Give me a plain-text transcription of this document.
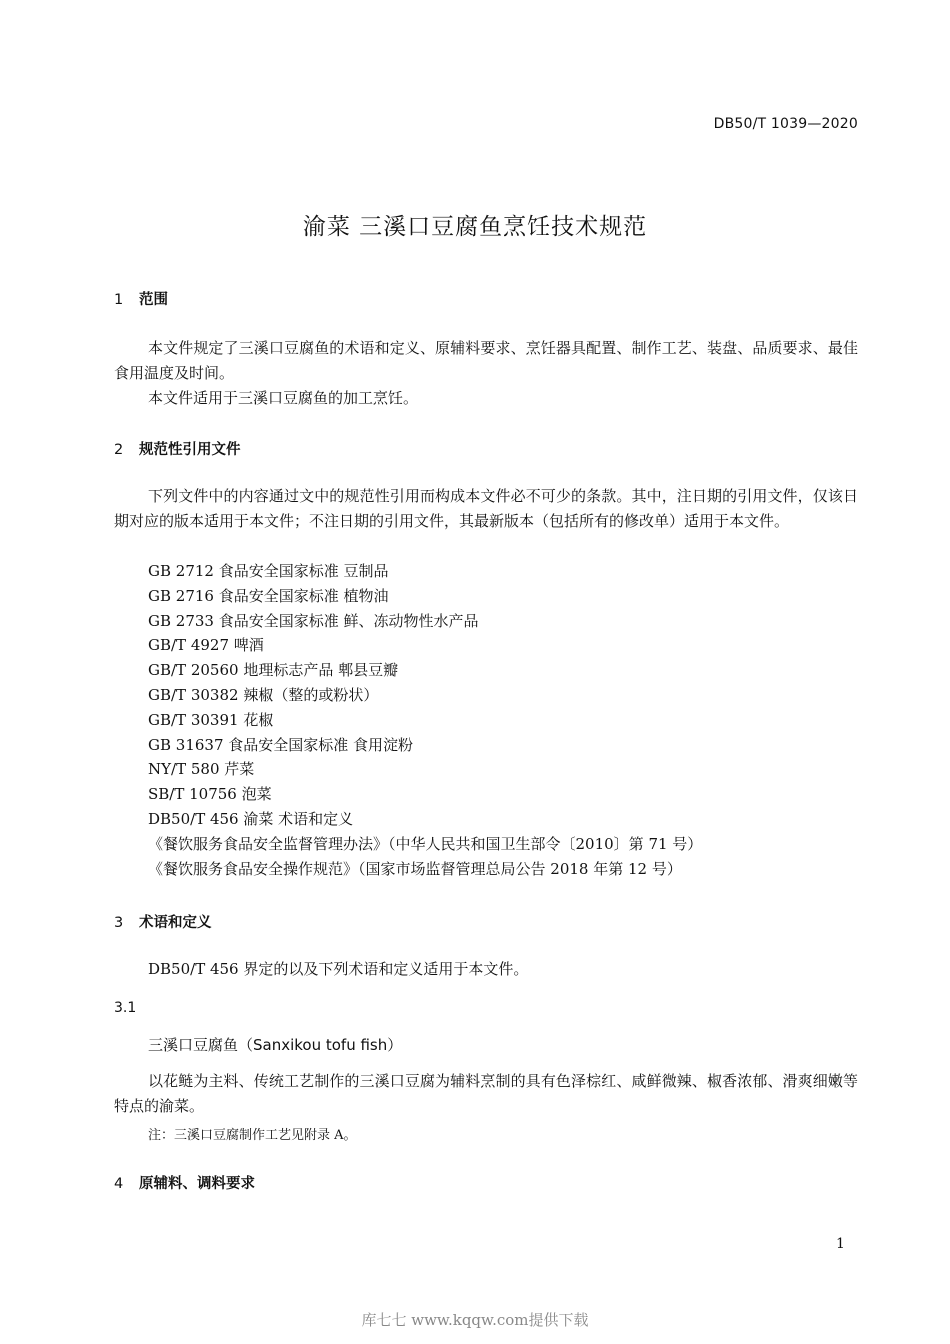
DB50/T 1039—2020
渝菜 三溪口豆腐鱼烹饪技术规范
1 范围
本文件规定了三溪口豆腐鱼的术语和定义、原辅料要求、烹饪器具配置、制作工艺、装盘、品质要求、最佳食用温度及时间。
本文件适用于三溪口豆腐鱼的加工烹饪。
2 规范性引用文件
下列文件中的内容通过文中的规范性引用而构成本文件必不可少的条款。其中，注日期的引用文件，仅该日期对应的版本适用于本文件；不注日期的引用文件，其最新版本（包括所有的修改单）适用于本文件。
GB 2712 食品安全国家标准 豆制品
GB 2716 食品安全国家标准 植物油
GB 2733 食品安全国家标准 鲜、冻动物性水产品
GB/T 4927 啤酒
GB/T 20560 地理标志产品 郫县豆瓣
GB/T 30382 辣椒（整的或粉状）
GB/T 30391 花椒
GB 31637 食品安全国家标准 食用淀粉
NY/T 580 芹菜
SB/T 10756 泡菜
DB50/T 456 渝菜 术语和定义
《餐饮服务食品安全监督管理办法》（中华人民共和国卫生部令〔2010〕第 71 号）
《餐饮服务食品安全操作规范》（国家市场监督管理总局公告 2018 年第 12 号）
3 术语和定义
DB50/T 456 界定的以及下列术语和定义适用于本文件。
3.1
三溪口豆腐鱼（Sanxikou tofu fish）
以花鲢为主料、传统工艺制作的三溪口豆腐为辅料烹制的具有色泽棕红、咸鲜微辣、椒香浓郁、滑爽细嫩等特点的渝菜。
注：三溪口豆腐制作工艺见附录 A。
4 原辅料、调料要求
1
库七七 www.kqqw.com提供下载
